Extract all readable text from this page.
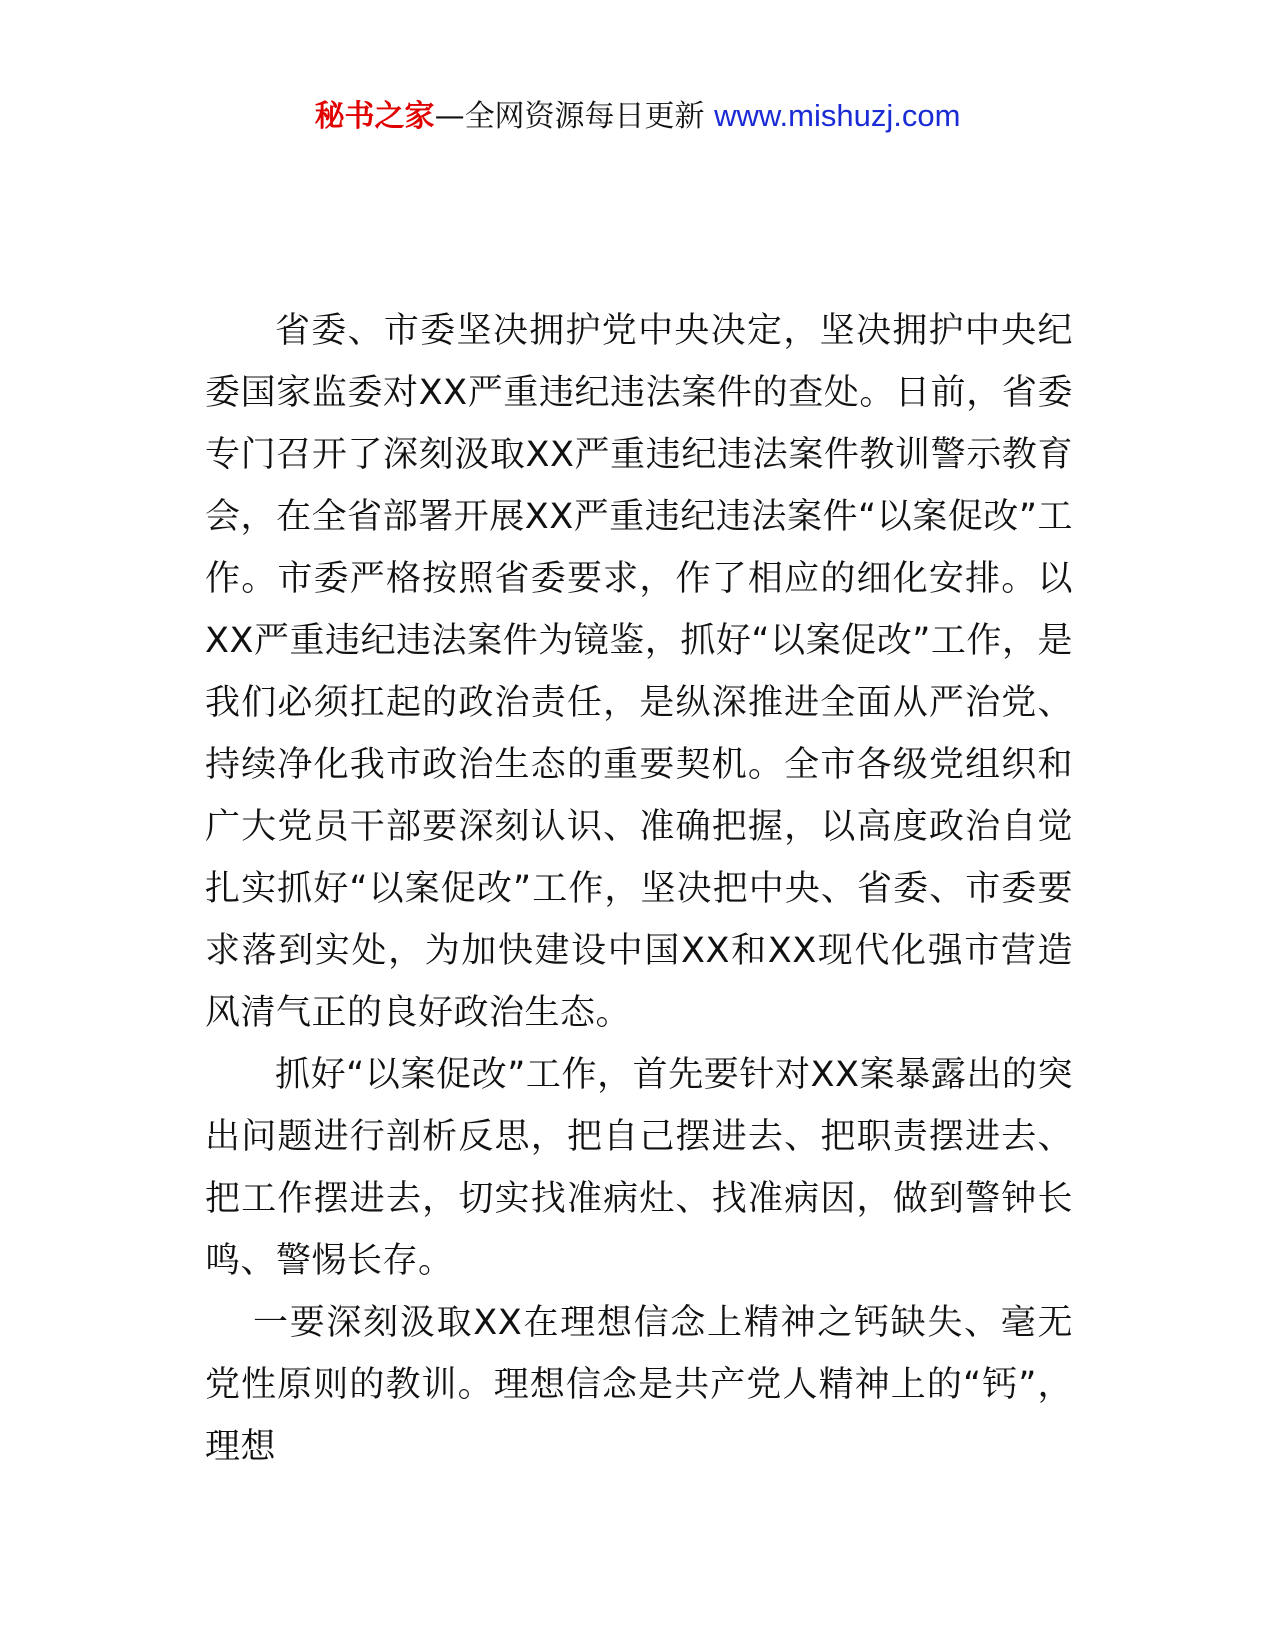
秘书之家—全网资源每日更新 www.mishuzj.com

省委、市委坚决拥护党中央决定，坚决拥护中央纪委国家监委对XX严重违纪违法案件的查处。日前，省委专门召开了深刻汲取XX严重违纪违法案件教训警示教育会，在全省部署开展XX严重违纪违法案件“以案促改”工作。市委严格按照省委要求，作了相应的细化安排。以XX严重违纪违法案件为镜鉴，抓好“以案促改”工作，是我们必须扛起的政治责任，是纵深推进全面从严治党、持续净化我市政治生态的重要契机。全市各级党组织和广大党员干部要深刻认识、准确把握，以高度政治自觉扎实抓好“以案促改”工作，坚决把中央、省委、市委要求落到实处，为加快建设中国XX和XX现代化强市营造风清气正的良好政治生态。

抓好“以案促改”工作，首先要针对XX案暴露出的突出问题进行剖析反思，把自己摆进去、把职责摆进去、把工作摆进去，切实找准病灶、找准病因，做到警钟长鸣、警惕长存。

一要深刻汲取XX在理想信念上精神之钙缺失、毫无党性原则的教训。理想信念是共产党人精神上的“钙”，理想
